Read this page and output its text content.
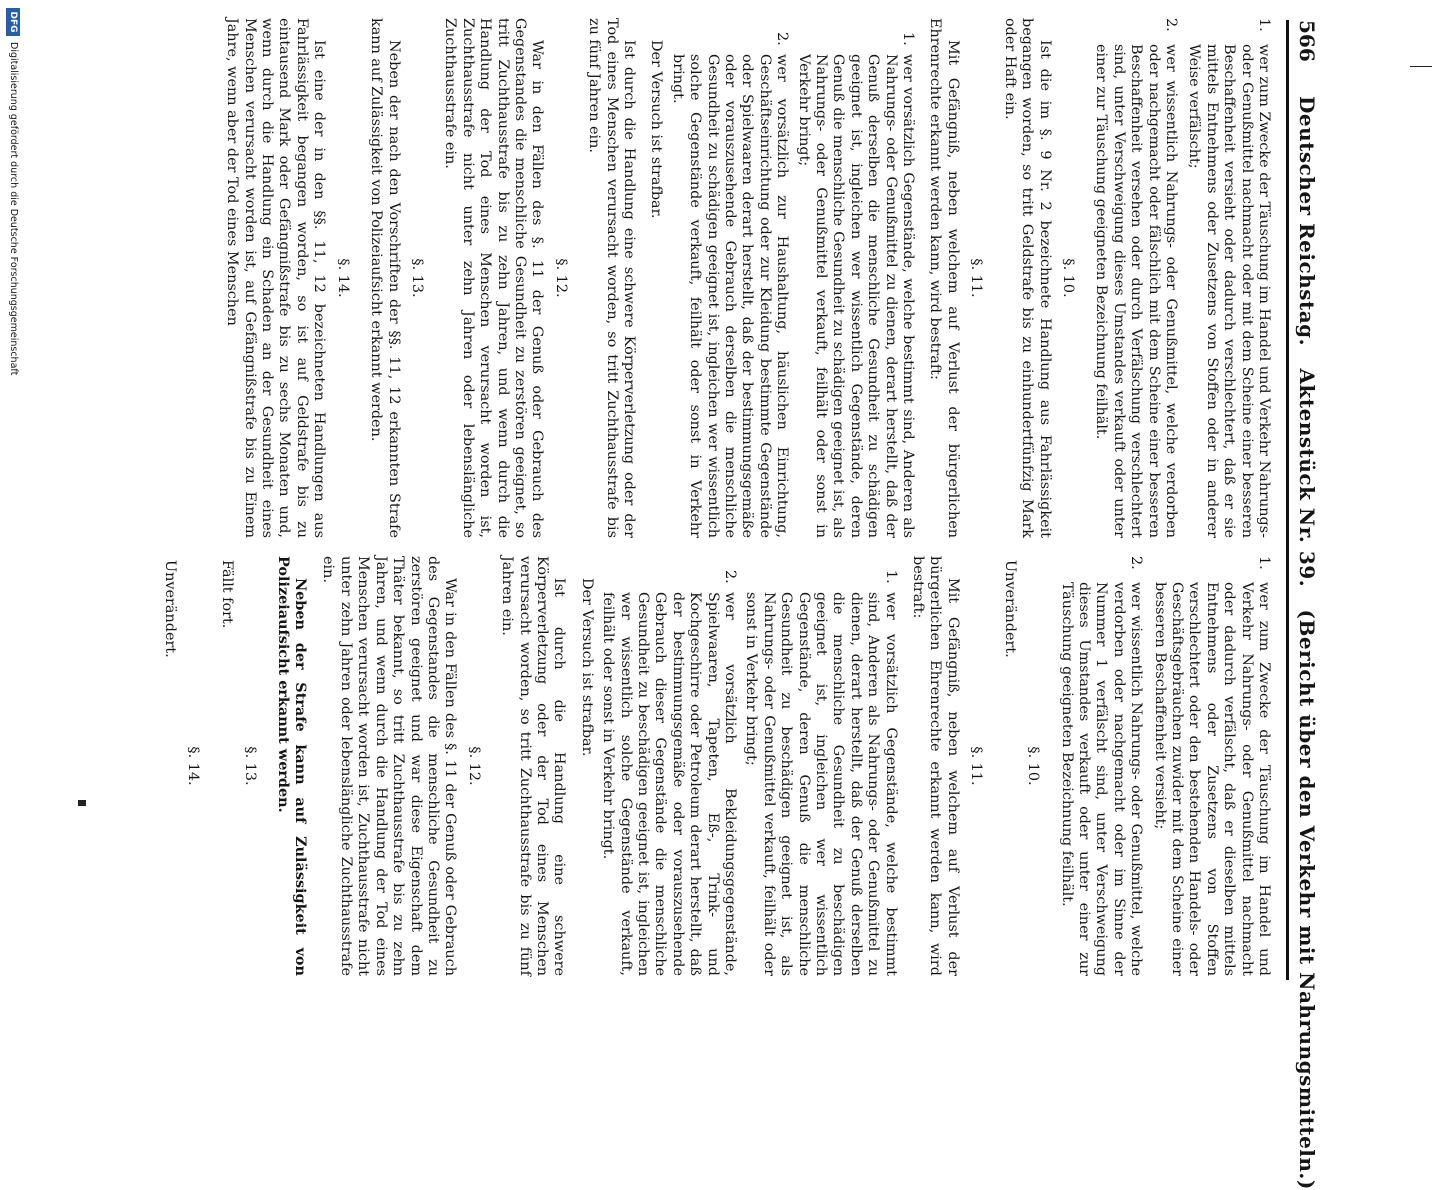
566
Deutscher Reichstag.   Aktenstück Nr. 39.   (Bericht über den Verkehr mit Nahrungsmitteln.)
1.
wer zum Zwecke der Täuschung im Handel und Verkehr Nahrungs- oder Genußmittel nachmacht oder mit dem Scheine einer besseren Beschaffenheit versieht oder dadurch verschlechtert, daß er sie mittels Entnehmens oder Zusetzens von Stoffen oder in anderer Weise verfälscht;
2.
wer wissentlich Nahrungs- oder Genußmittel, welche verdorben oder nachgemacht oder fälschlich mit dem Scheine einer besseren Beschaffenheit versehen oder durch Verfälschung verschlechtert sind, unter Verschweigung dieses Umstandes verkauft oder unter einer zur Täuschung geeigneten Bezeichnung feilhält.
§. 10.
Ist die im §. 9 Nr. 2 bezeichnete Handlung aus Fahrlässigkeit begangen worden, so tritt Geldstrafe bis zu einhundertfünfzig Mark oder Haft ein.
§. 11.
Mit Gefängniß, neben welchem auf Verlust der bürgerlichen Ehrenrechte erkannt werden kann, wird bestraft:
1.
wer vorsätzlich Gegenstände, welche bestimmt sind, Anderen als Nahrungs- oder Genußmittel zu dienen, derart herstellt, daß der Genuß derselben die menschliche Gesundheit zu schädigen geeignet ist, ingleichen wer wissentlich Gegenstände, deren Genuß die menschliche Gesundheit zu schädigen geeignet ist, als Nahrungs- oder Genußmittel verkauft, feilhält oder sonst in Verkehr bringt;
2.
wer vorsätzlich zur Haushaltung, häuslichen Einrichtung, Geschäftseinrichtung oder zur Kleidung bestimmte Gegenstände oder Spielwaaren derart herstellt, daß der bestimmungsgemäße oder vorauszusehende Gebrauch derselben die menschliche Gesundheit zu schädigen geeignet ist, ingleichen wer wissentlich solche Gegenstände verkauft, feilhält oder sonst in Verkehr bringt.
Der Versuch ist strafbar.
Ist durch die Handlung eine schwere Körperverletzung oder der Tod eines Menschen verursacht worden, so tritt Zuchthausstrafe bis zu fünf Jahren ein.
§. 12.
War in den Fällen des §. 11 der Genuß oder Gebrauch des Gegenstandes die menschliche Gesundheit zu zerstören geeignet, so tritt Zuchthausstrafe bis zu zehn Jahren, und wenn durch die Handlung der Tod eines Menschen verursacht worden ist, Zuchthausstrafe nicht unter zehn Jahren oder lebenslängliche Zuchthausstrafe ein.
§. 13.
Neben der nach den Vorschriften der §§. 11, 12 erkannten Strafe kann auf Zulässigkeit von Polizeiaufsicht erkannt werden.
§. 14.
Ist eine der in den §§. 11, 12 bezeichneten Handlungen aus Fahrlässigkeit begangen worden, so ist auf Geldstrafe bis zu eintausend Mark oder Gefängnißstrafe bis zu sechs Monaten und, wenn durch die Handlung ein Schaden an der Gesundheit eines Menschen verursacht worden ist, auf Gefängnißstrafe bis zu Einem Jahre, wenn aber der Tod eines Menschen
1.
wer zum Zwecke der Täuschung im Handel und Verkehr Nahrungs- oder Genußmittel nachmacht oder dadurch verfälscht, daß er dieselben mittels Entnehmens oder Zusetzens von Stoffen verschlechtert oder den bestehenden Handels- oder Geschäftsgebräuchen zuwider mit dem Scheine einer besseren Beschaffenheit versieht;
2.
wer wissentlich Nahrungs- oder Genußmittel, welche verdorben oder nachgemacht oder im Sinne der Nummer 1 verfälscht sind, unter Verschweigung dieses Umstandes verkauft oder unter einer zur Täuschung geeigneten Bezeichnung feilhält.
§. 10.
Unverändert.
§. 11.
Mit Gefängniß, neben welchem auf Verlust der bürgerlichen Ehrenrechte erkannt werden kann, wird bestraft:
1.
wer vorsätzlich Gegenstände, welche bestimmt sind, Anderen als Nahrungs- oder Genußmittel zu dienen, derart herstellt, daß der Genuß derselben die menschliche Gesundheit zu beschädigen geeignet ist, ingleichen wer wissentlich Gegenstände, deren Genuß die menschliche Gesundheit zu beschädigen geeignet ist, als Nahrungs- oder Genußmittel verkauft, feilhält oder sonst in Verkehr bringt;
2.
wer vorsätzlich Bekleidungsgegenstände, Spielwaaren, Tapeten, Eß-, Trink- und Kochgeschirre oder Petroleum derart herstellt, daß der bestimmungsgemäße oder vorauszusehende Gebrauch dieser Gegenstände die menschliche Gesundheit zu beschädigen geeignet ist, ingleichen wer wissentlich solche Gegenstände verkauft, feilhält oder sonst in Verkehr bringt.
Der Versuch ist strafbar.
Ist durch die Handlung eine schwere Körperverletzung oder der Tod eines Menschen verursacht worden, so tritt Zuchthausstrafe bis zu fünf Jahren ein.
§. 12.
War in den Fällen des §. 11 der Genuß oder Gebrauch des Gegenstandes die menschliche Gesundheit zu zerstören geeignet und war diese Eigenschaft dem Thäter bekannt, so tritt Zuchthausstrafe bis zu zehn Jahren, und wenn durch die Handlung der Tod eines Menschen verursacht worden ist, Zuchthausstrafe nicht unter zehn Jahren oder lebenslängliche Zuchthausstrafe ein.
Neben der Strafe kann auf Zulässigkeit von Polizeiaufsicht erkannt werden.
§. 13.
Fällt fort.
§. 14.
Unverändert.
DFG
Digitalisierung gefördert durch die Deutsche Forschungsgemeinschaft
